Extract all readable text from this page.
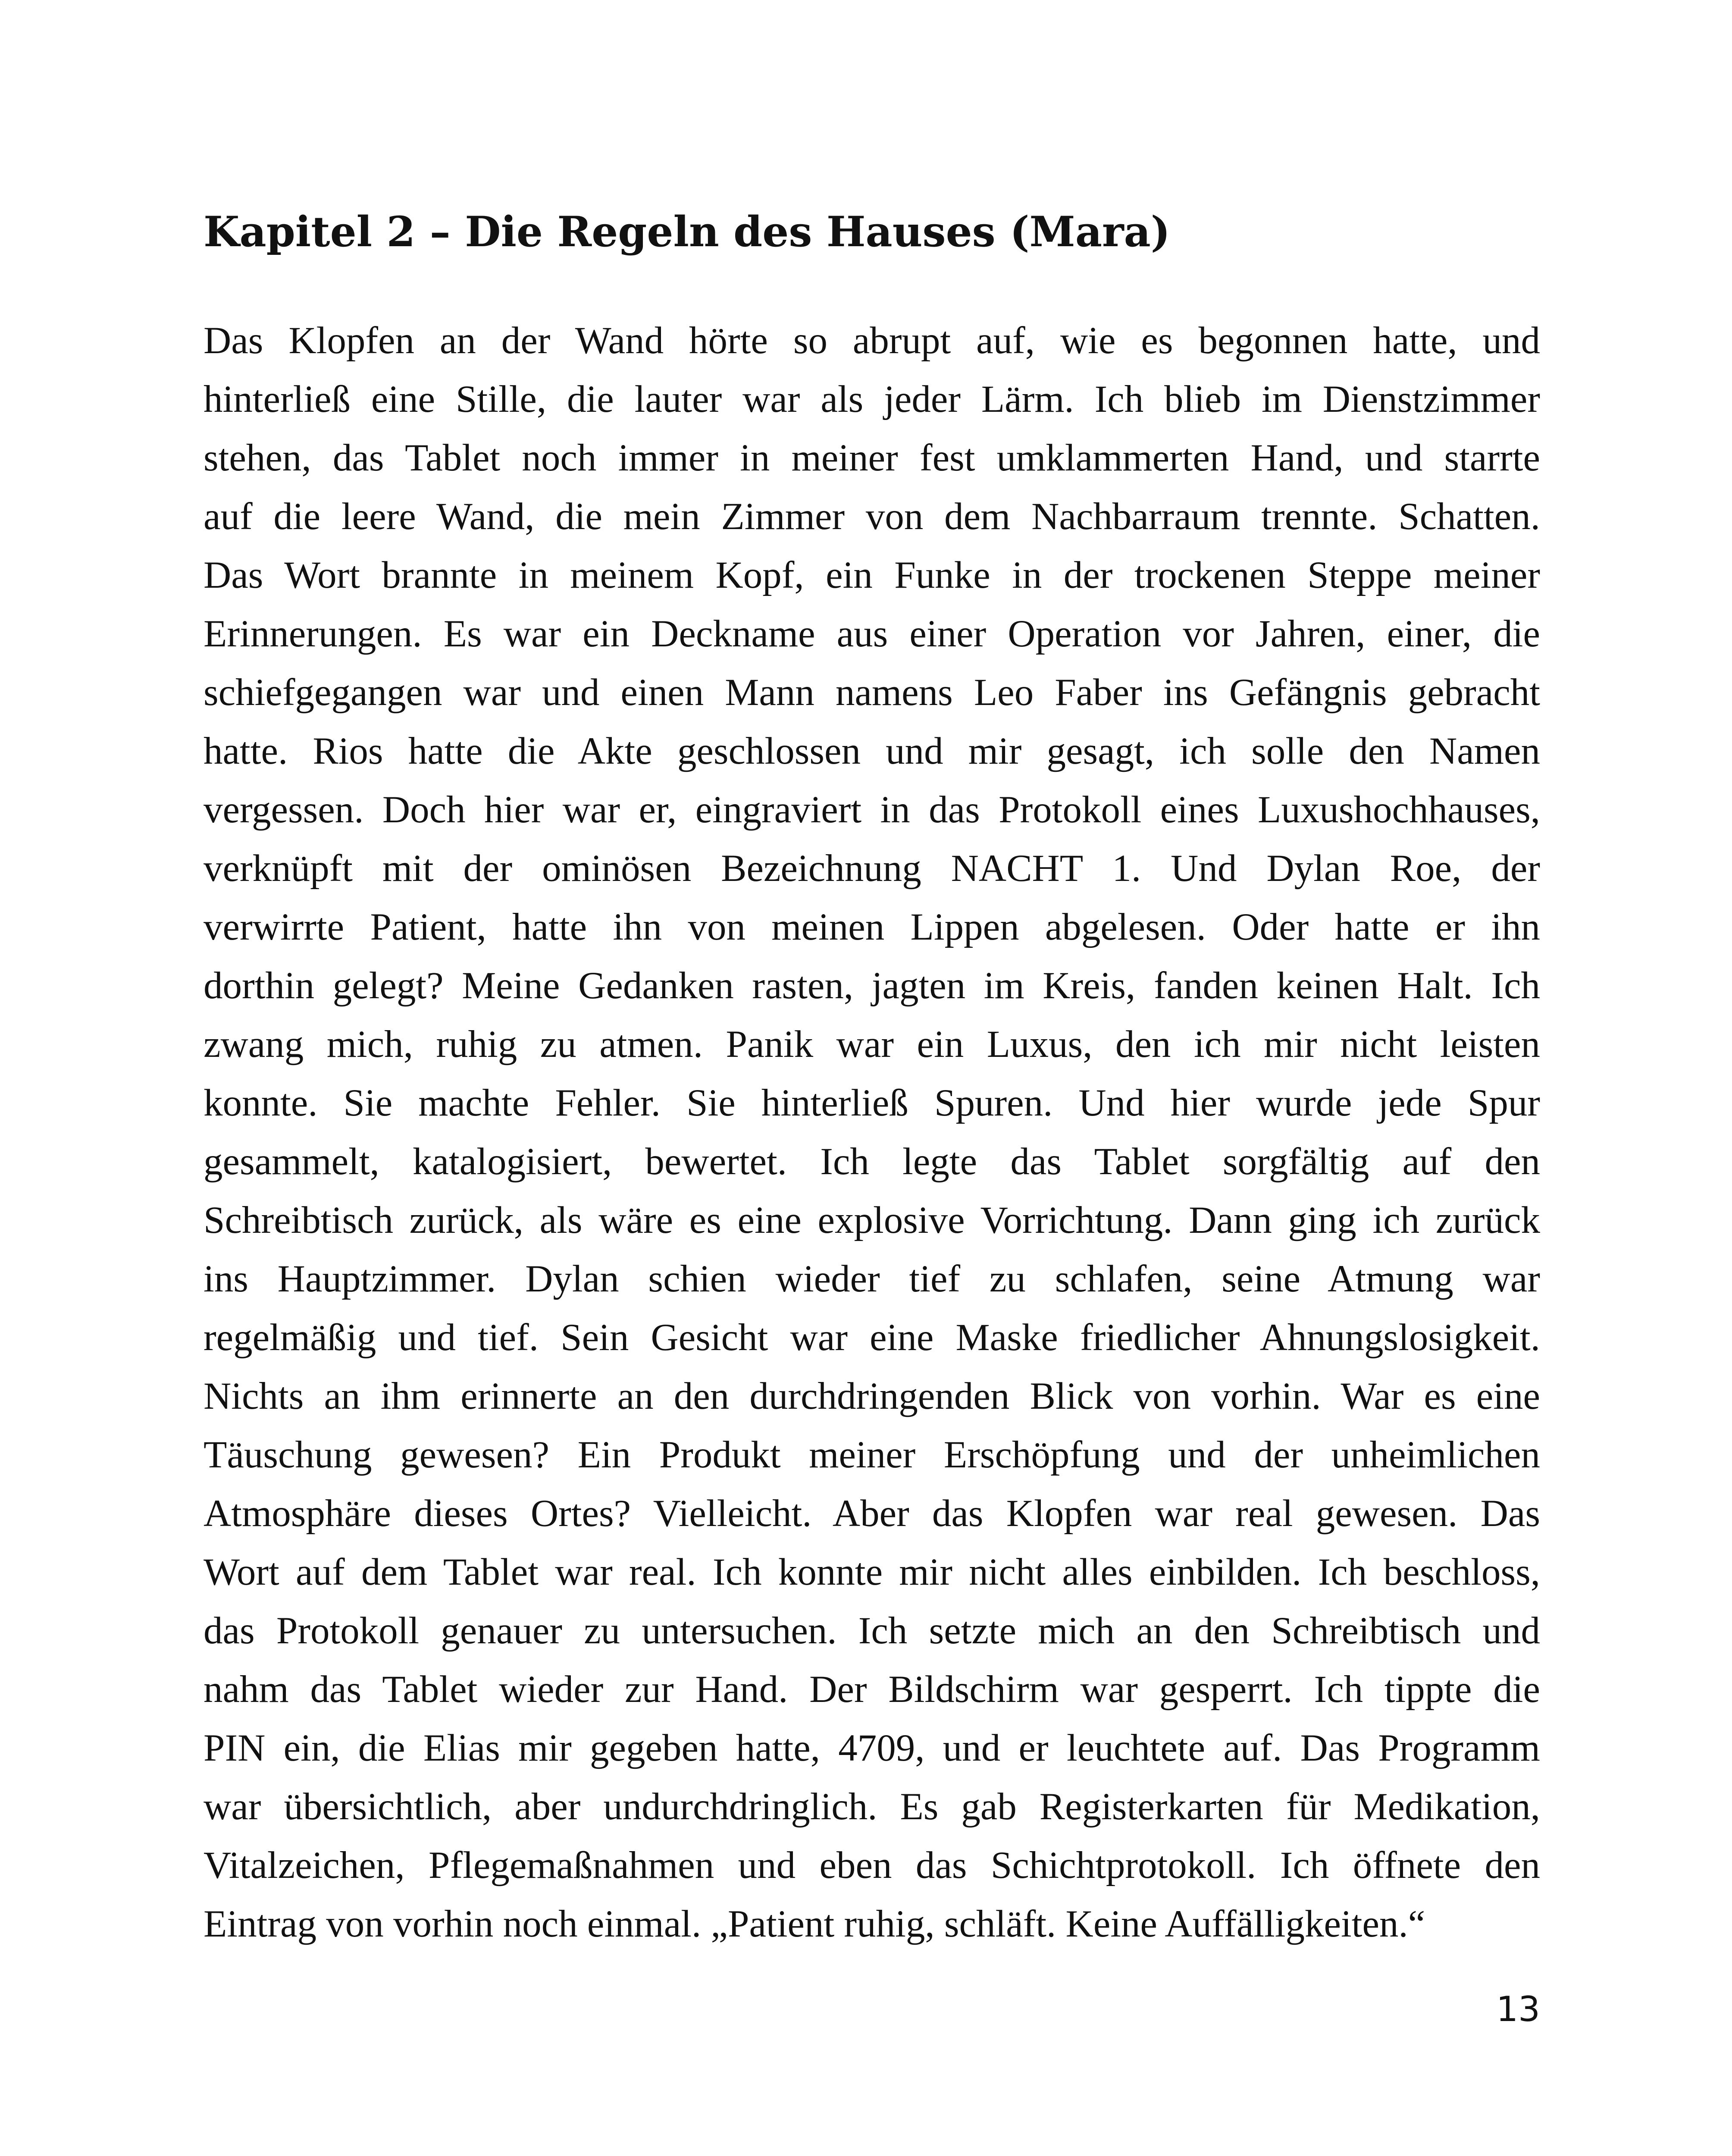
Kapitel 2 – Die Regeln des Hauses (Mara)
Das Klopfen an der Wand hörte so abrupt auf, wie es begonnen hatte, und
hinterließ eine Stille, die lauter war als jeder Lärm. Ich blieb im Dienstzimmer
stehen, das Tablet noch immer in meiner fest umklammerten Hand, und starrte
auf die leere Wand, die mein Zimmer von dem Nachbarraum trennte. Schatten.
Das Wort brannte in meinem Kopf, ein Funke in der trockenen Steppe meiner
Erinnerungen. Es war ein Deckname aus einer Operation vor Jahren, einer, die
schiefgegangen war und einen Mann namens Leo Faber ins Gefängnis gebracht
hatte. Rios hatte die Akte geschlossen und mir gesagt, ich solle den Namen
vergessen. Doch hier war er, eingraviert in das Protokoll eines Luxushochhauses,
verknüpft mit der ominösen Bezeichnung NACHT 1. Und Dylan Roe, der
verwirrte Patient, hatte ihn von meinen Lippen abgelesen. Oder hatte er ihn
dorthin gelegt? Meine Gedanken rasten, jagten im Kreis, fanden keinen Halt. Ich
zwang mich, ruhig zu atmen. Panik war ein Luxus, den ich mir nicht leisten
konnte. Sie machte Fehler. Sie hinterließ Spuren. Und hier wurde jede Spur
gesammelt, katalogisiert, bewertet. Ich legte das Tablet sorgfältig auf den
Schreibtisch zurück, als wäre es eine explosive Vorrichtung. Dann ging ich zurück
ins Hauptzimmer. Dylan schien wieder tief zu schlafen, seine Atmung war
regelmäßig und tief. Sein Gesicht war eine Maske friedlicher Ahnungslosigkeit.
Nichts an ihm erinnerte an den durchdringenden Blick von vorhin. War es eine
Täuschung gewesen? Ein Produkt meiner Erschöpfung und der unheimlichen
Atmosphäre dieses Ortes? Vielleicht. Aber das Klopfen war real gewesen. Das
Wort auf dem Tablet war real. Ich konnte mir nicht alles einbilden. Ich beschloss,
das Protokoll genauer zu untersuchen. Ich setzte mich an den Schreibtisch und
nahm das Tablet wieder zur Hand. Der Bildschirm war gesperrt. Ich tippte die
PIN ein, die Elias mir gegeben hatte, 4709, und er leuchtete auf. Das Programm
war übersichtlich, aber undurchdringlich. Es gab Registerkarten für Medikation,
Vitalzeichen, Pflegemaßnahmen und eben das Schichtprotokoll. Ich öffnete den
Eintrag von vorhin noch einmal. „Patient ruhig, schläft. Keine Auffälligkeiten.“
13
